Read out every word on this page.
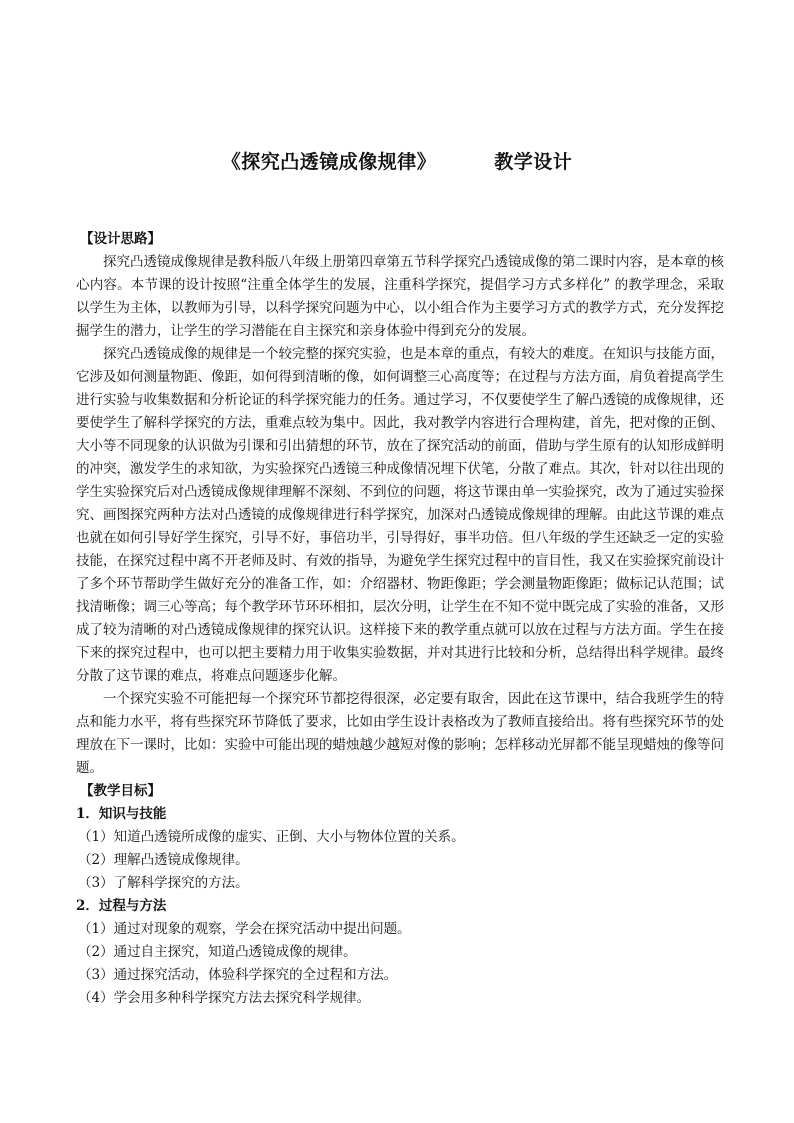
《探究凸透镜成像规律》	教学设计
【设计思路】
探究凸透镜成像规律是教科版八年级上册第四章第五节科学探究凸透镜成像的第二课时内容，是本章的核心内容。本节课的设计按照“注重全体学生的发展，注重科学探究，提倡学习方式多样化” 的教学理念，采取以学生为主体，以教师为引导，以科学探究问题为中心，以小组合作为主要学习方式的教学方式，充分发挥挖掘学生的潜力，让学生的学习潜能在自主探究和亲身体验中得到充分的发展。
探究凸透镜成像的规律是一个较完整的探究实验，也是本章的重点，有较大的难度。在知识与技能方面，它涉及如何测量物距、像距，如何得到清晰的像，如何调整三心高度等；在过程与方法方面，肩负着提高学生进行实验与收集数据和分析论证的科学探究能力的任务。通过学习，不仅要使学生了解凸透镜的成像规律，还要使学生了解科学探究的方法，重难点较为集中。因此，我对教学内容进行合理构建，首先，把对像的正倒、大小等不同现象的认识做为引课和引出猜想的环节，放在了探究活动的前面，借助与学生原有的认知形成鲜明的冲突，激发学生的求知欲，为实验探究凸透镜三种成像情况埋下伏笔，分散了难点。其次，针对以往出现的学生实验探究后对凸透镜成像规律理解不深刻、不到位的问题，将这节课由单一实验探究，改为了通过实验探究、画图探究两种方法对凸透镜的成像规律进行科学探究，加深对凸透镜成像规律的理解。由此这节课的难点也就在如何引导好学生探究，引导不好，事倍功半，引导得好，事半功倍。但八年级的学生还缺乏一定的实验技能，在探究过程中离不开老师及时、有效的指导，为避免学生探究过程中的盲目性，我又在实验探究前设计了多个环节帮助学生做好充分的准备工作，如：介绍器材、物距像距；学会测量物距像距；做标记认范围；试找清晰像；调三心等高；每个教学环节环环相扣，层次分明，让学生在不知不觉中既完成了实验的准备，又形成了较为清晰的对凸透镜成像规律的探究认识。这样接下来的教学重点就可以放在过程与方法方面。学生在接下来的探究过程中，也可以把主要精力用于收集实验数据，并对其进行比较和分析，总结得出科学规律。最终分散了这节课的难点，将难点问题逐步化解。
一个探究实验不可能把每一个探究环节都挖得很深，必定要有取舍，因此在这节课中，结合我班学生的特点和能力水平，将有些探究环节降低了要求，比如由学生设计表格改为了教师直接给出。将有些探究环节的处理放在下一课时，比如：实验中可能出现的蜡烛越少越短对像的影响；怎样移动光屏都不能呈现蜡烛的像等问题。
【教学目标】
1．知识与技能
（1）知道凸透镜所成像的虚实、正倒、大小与物体位置的关系。
（2）理解凸透镜成像规律。
（3）了解科学探究的方法。
2．过程与方法
（1）通过对现象的观察，学会在探究活动中提出问题。
（2）通过自主探究，知道凸透镜成像的规律。
（3）通过探究活动，体验科学探究的全过程和方法。
（4）学会用多种科学探究方法去探究科学规律。
